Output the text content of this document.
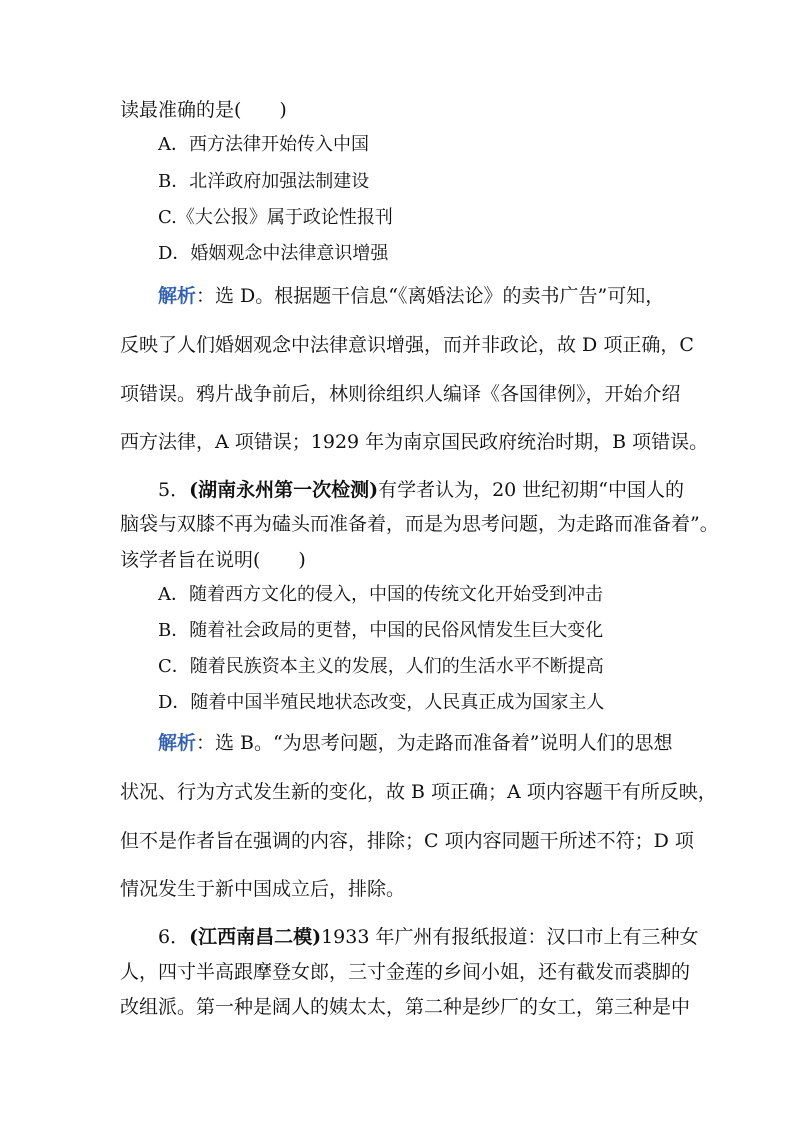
读最准确的是(　　)
A．西方法律开始传入中国
B．北洋政府加强法制建设
C.《大公报》属于政论性报刊
D．婚姻观念中法律意识增强
解析：选 D。根据题干信息“《离婚法论》的卖书广告”可知，
反映了人们婚姻观念中法律意识增强，而并非政论，故 D 项正确，C
项错误。鸦片战争前后，林则徐组织人编译《各国律例》，开始介绍
西方法律，A 项错误；1929 年为南京国民政府统治时期，B 项错误。
5．(湖南永州第一次检测)有学者认为，20 世纪初期“中国人的
脑袋与双膝不再为磕头而准备着，而是为思考问题，为走路而准备着”。
该学者旨在说明(　　)
A．随着西方文化的侵入，中国的传统文化开始受到冲击
B．随着社会政局的更替，中国的民俗风情发生巨大变化
C．随着民族资本主义的发展，人们的生活水平不断提高
D．随着中国半殖民地状态改变，人民真正成为国家主人
解析：选 B。“为思考问题，为走路而准备着”说明人们的思想
状况、行为方式发生新的变化，故 B 项正确；A 项内容题干有所反映，
但不是作者旨在强调的内容，排除；C 项内容同题干所述不符；D 项
情况发生于新中国成立后，排除。
6．(江西南昌二模)1933 年广州有报纸报道：汉口市上有三种女
人，四寸半高跟摩登女郎，三寸金莲的乡间小姐，还有截发而裘脚的
改组派。第一种是阔人的姨太太，第二种是纱厂的女工，第三种是中
